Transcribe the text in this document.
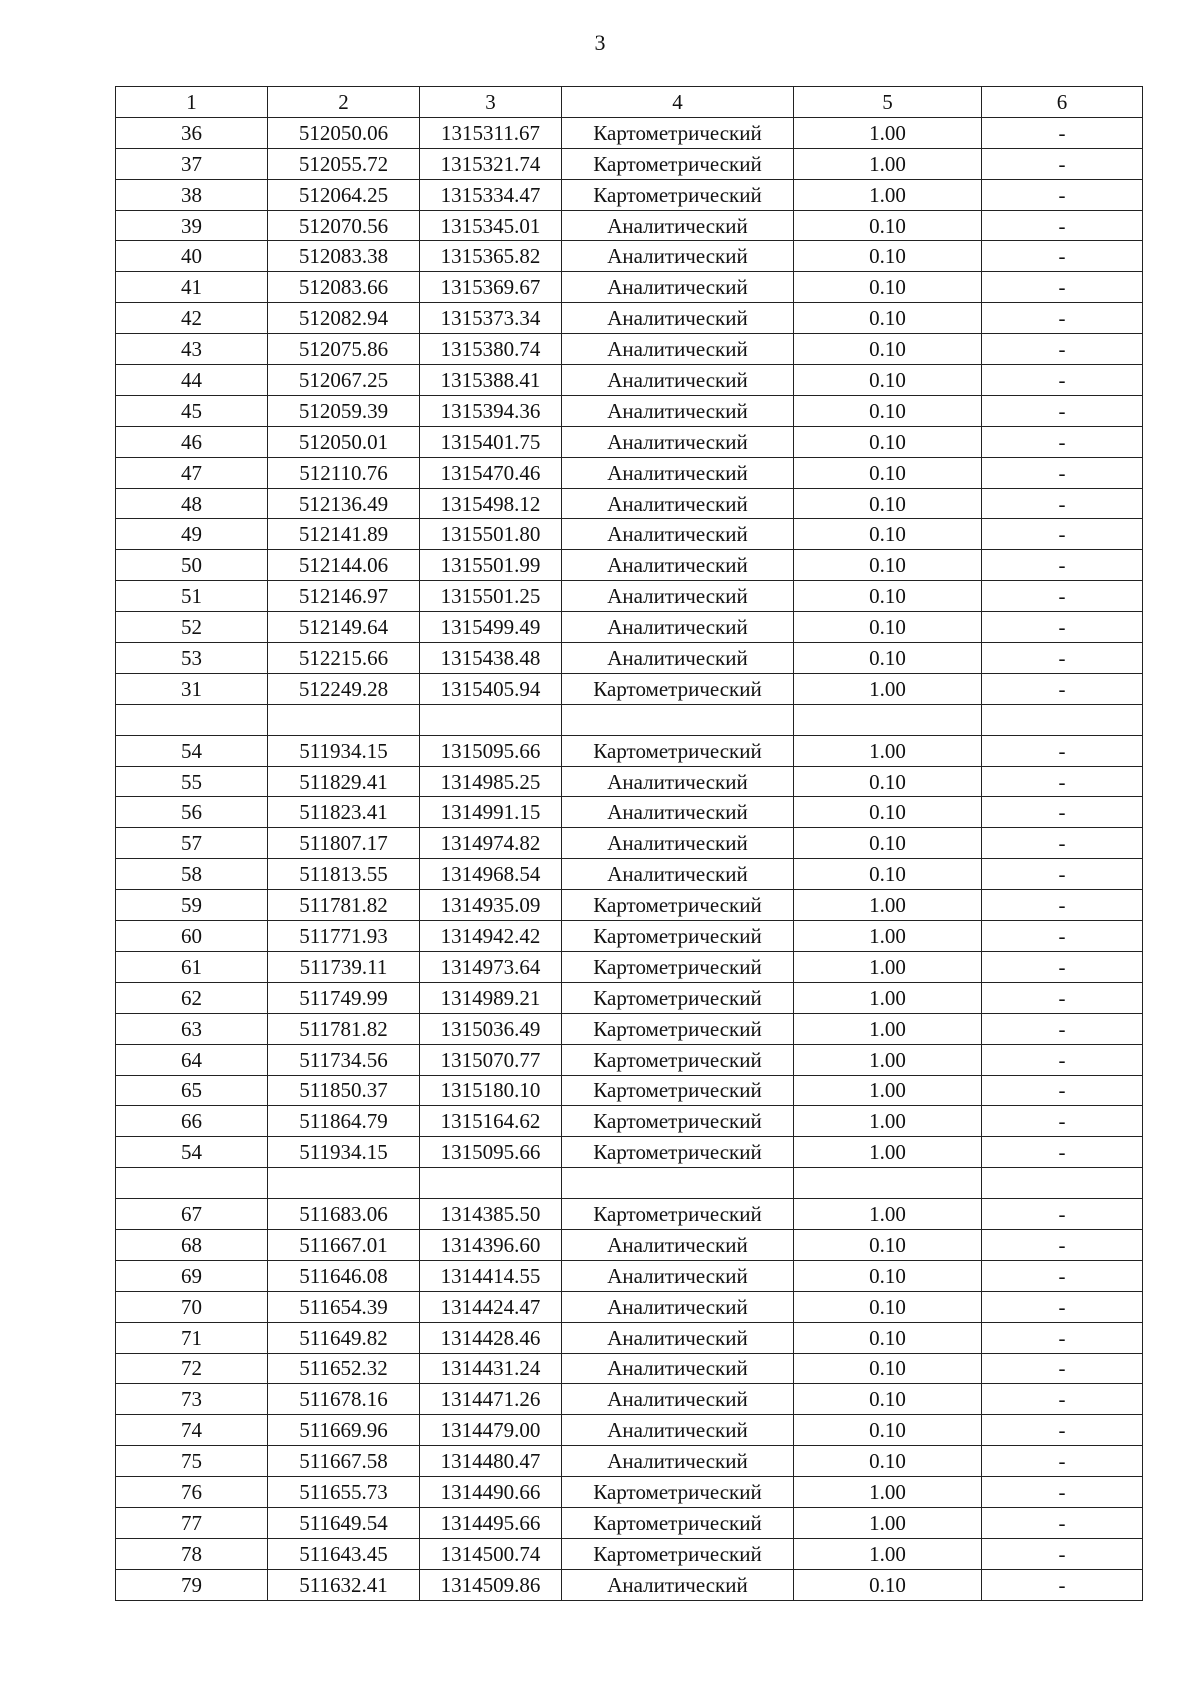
3
1	2	3	4	5	6
36	512050.06	1315311.67	Картометрический	1.00	-
37	512055.72	1315321.74	Картометрический	1.00	-
38	512064.25	1315334.47	Картометрический	1.00	-
39	512070.56	1315345.01	Аналитический	0.10	-
40	512083.38	1315365.82	Аналитический	0.10	-
41	512083.66	1315369.67	Аналитический	0.10	-
42	512082.94	1315373.34	Аналитический	0.10	-
43	512075.86	1315380.74	Аналитический	0.10	-
44	512067.25	1315388.41	Аналитический	0.10	-
45	512059.39	1315394.36	Аналитический	0.10	-
46	512050.01	1315401.75	Аналитический	0.10	-
47	512110.76	1315470.46	Аналитический	0.10	-
48	512136.49	1315498.12	Аналитический	0.10	-
49	512141.89	1315501.80	Аналитический	0.10	-
50	512144.06	1315501.99	Аналитический	0.10	-
51	512146.97	1315501.25	Аналитический	0.10	-
52	512149.64	1315499.49	Аналитический	0.10	-
53	512215.66	1315438.48	Аналитический	0.10	-
31	512249.28	1315405.94	Картометрический	1.00	-

54	511934.15	1315095.66	Картометрический	1.00	-
55	511829.41	1314985.25	Аналитический	0.10	-
56	511823.41	1314991.15	Аналитический	0.10	-
57	511807.17	1314974.82	Аналитический	0.10	-
58	511813.55	1314968.54	Аналитический	0.10	-
59	511781.82	1314935.09	Картометрический	1.00	-
60	511771.93	1314942.42	Картометрический	1.00	-
61	511739.11	1314973.64	Картометрический	1.00	-
62	511749.99	1314989.21	Картометрический	1.00	-
63	511781.82	1315036.49	Картометрический	1.00	-
64	511734.56	1315070.77	Картометрический	1.00	-
65	511850.37	1315180.10	Картометрический	1.00	-
66	511864.79	1315164.62	Картометрический	1.00	-
54	511934.15	1315095.66	Картометрический	1.00	-

67	511683.06	1314385.50	Картометрический	1.00	-
68	511667.01	1314396.60	Аналитический	0.10	-
69	511646.08	1314414.55	Аналитический	0.10	-
70	511654.39	1314424.47	Аналитический	0.10	-
71	511649.82	1314428.46	Аналитический	0.10	-
72	511652.32	1314431.24	Аналитический	0.10	-
73	511678.16	1314471.26	Аналитический	0.10	-
74	511669.96	1314479.00	Аналитический	0.10	-
75	511667.58	1314480.47	Аналитический	0.10	-
76	511655.73	1314490.66	Картометрический	1.00	-
77	511649.54	1314495.66	Картометрический	1.00	-
78	511643.45	1314500.74	Картометрический	1.00	-
79	511632.41	1314509.86	Аналитический	0.10	-
